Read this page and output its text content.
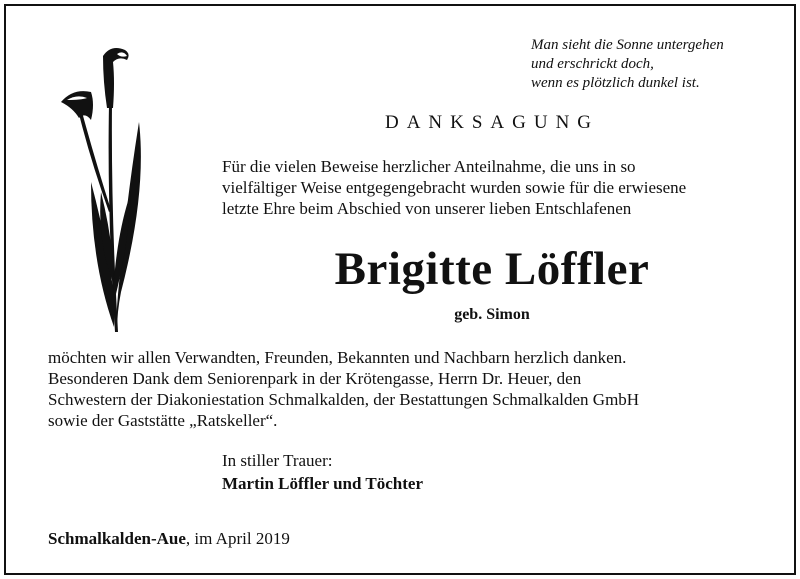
Man sieht die Sonne untergehen
und erschrickt doch,
wenn es plötzlich dunkel ist.
DANKSAGUNG
Für die vielen Beweise herzlicher Anteilnahme, die uns in so
vielfältiger Weise entgegengebracht wurden sowie für die erwiesene
letzte Ehre beim Abschied von unserer lieben Entschlafenen
Brigitte Löffler
geb. Simon
möchten wir allen Verwandten, Freunden, Bekannten und Nachbarn herzlich danken.
Besonderen Dank dem Seniorenpark in der Krötengasse, Herrn Dr. Heuer, den
Schwestern der Diakoniestation Schmalkalden, der Bestattungen Schmalkalden GmbH
sowie der Gaststätte „Ratskeller“.
In stiller Trauer:
Martin Löffler und Töchter
Schmalkalden-Aue, im April 2019
